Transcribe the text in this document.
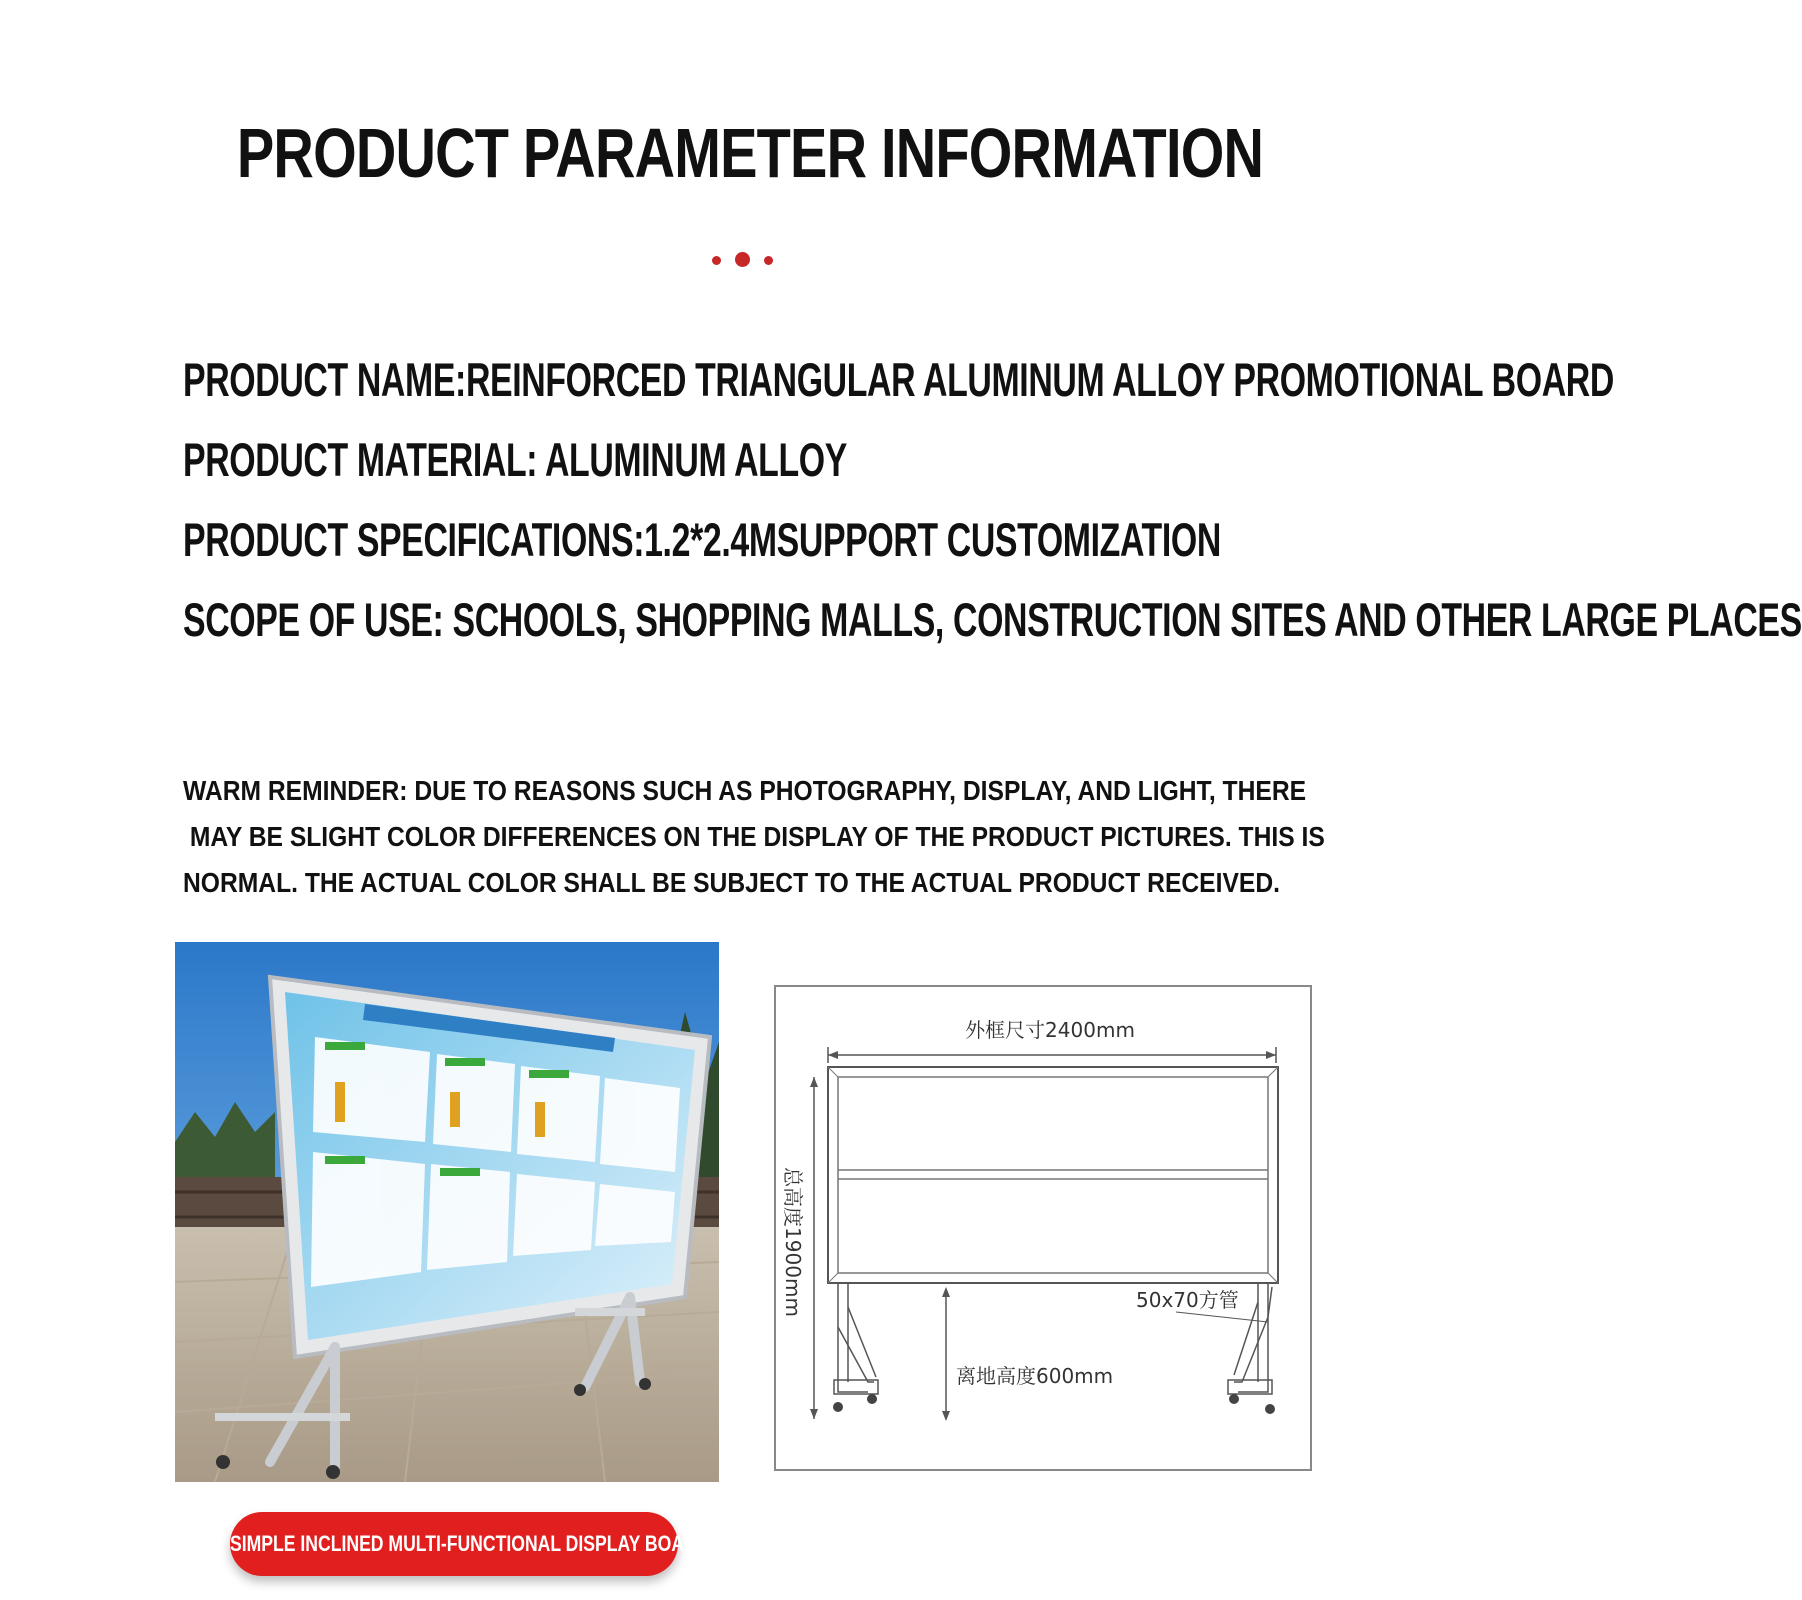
PRODUCT PARAMETER INFORMATION
PRODUCT NAME:REINFORCED TRIANGULAR ALUMINUM ALLOY PROMOTIONAL BOARD
PRODUCT MATERIAL: ALUMINUM ALLOY
PRODUCT SPECIFICATIONS:1.2*2.4MSUPPORT CUSTOMIZATION
SCOPE OF USE: SCHOOLS, SHOPPING MALLS, CONSTRUCTION SITES AND OTHER LARGE PLACES
WARM REMINDER: DUE TO REASONS SUCH AS PHOTOGRAPHY, DISPLAY, AND LIGHT, THERE
MAY BE SLIGHT COLOR DIFFERENCES ON THE DISPLAY OF THE PRODUCT PICTURES. THIS IS
NORMAL. THE ACTUAL COLOR SHALL BE SUBJECT TO THE ACTUAL PRODUCT RECEIVED.
外框尺寸2400mm
总高度1900mm
离地高度600mm
50x70方管
SIMPLE INCLINED MULTI-FUNCTIONAL DISPLAY BOARD
